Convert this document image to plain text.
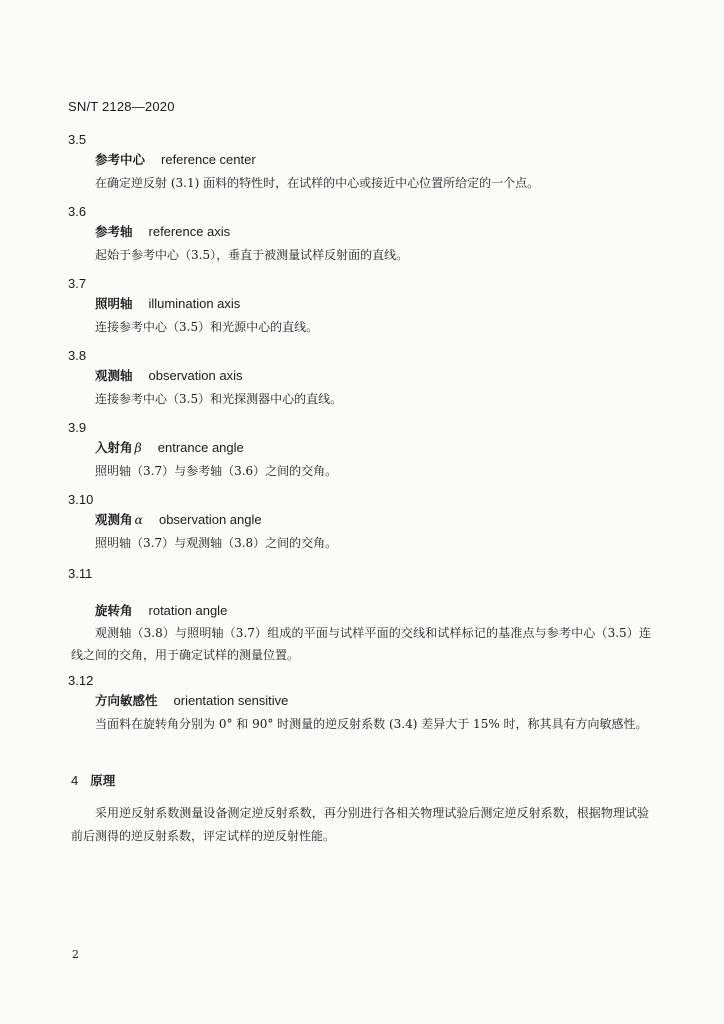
SN/T 2128—2020
3.5
参考中心 reference center
在确定逆反射 (3.1) 面料的特性时，在试样的中心或接近中心位置所给定的一个点。
3.6
参考轴 reference axis
起始于参考中心（3.5），垂直于被测量试样反射面的直线。
3.7
照明轴 illumination axis
连接参考中心（3.5）和光源中心的直线。
3.8
观测轴 observation axis
连接参考中心（3.5）和光探测器中心的直线。
3.9
入射角 β entrance angle
照明轴（3.7）与参考轴（3.6）之间的交角。
3.10
观测角 α observation angle
照明轴（3.7）与观测轴（3.8）之间的交角。
3.11
旋转角 rotation angle
观测轴（3.8）与照明轴（3.7）组成的平面与试样平面的交线和试样标记的基准点与参考中心（3.5）连线之间的交角，用于确定试样的测量位置。
3.12
方向敏感性 orientation sensitive
当面料在旋转角分别为 0° 和 90° 时测量的逆反射系数 (3.4) 差异大于 15% 时，称其具有方向敏感性。
4 原理
采用逆反射系数测量设备测定逆反射系数，再分别进行各相关物理试验后测定逆反射系数，根据物理试验前后测得的逆反射系数，评定试样的逆反射性能。
2
